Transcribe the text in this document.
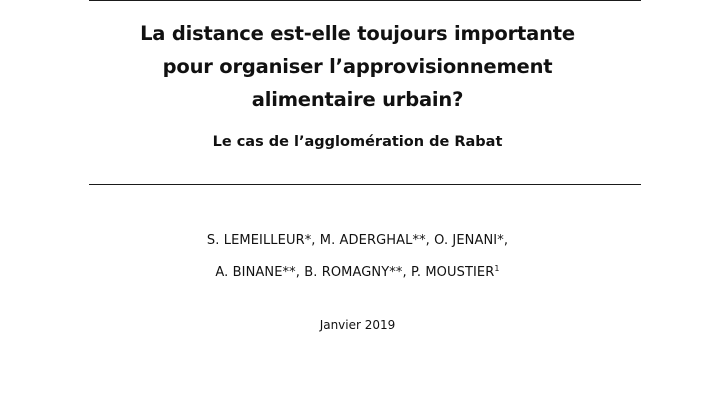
La distance est-elle toujours importante
pour organiser l’approvisionnement
alimentaire urbain?
Le cas de l’agglomération de Rabat
S. LEMEILLEUR*, M. ADERGHAL**, O. JENANI*,
A. BINANE**, B. ROMAGNY**, P. MOUSTIER$^1$

Janvier 2019
